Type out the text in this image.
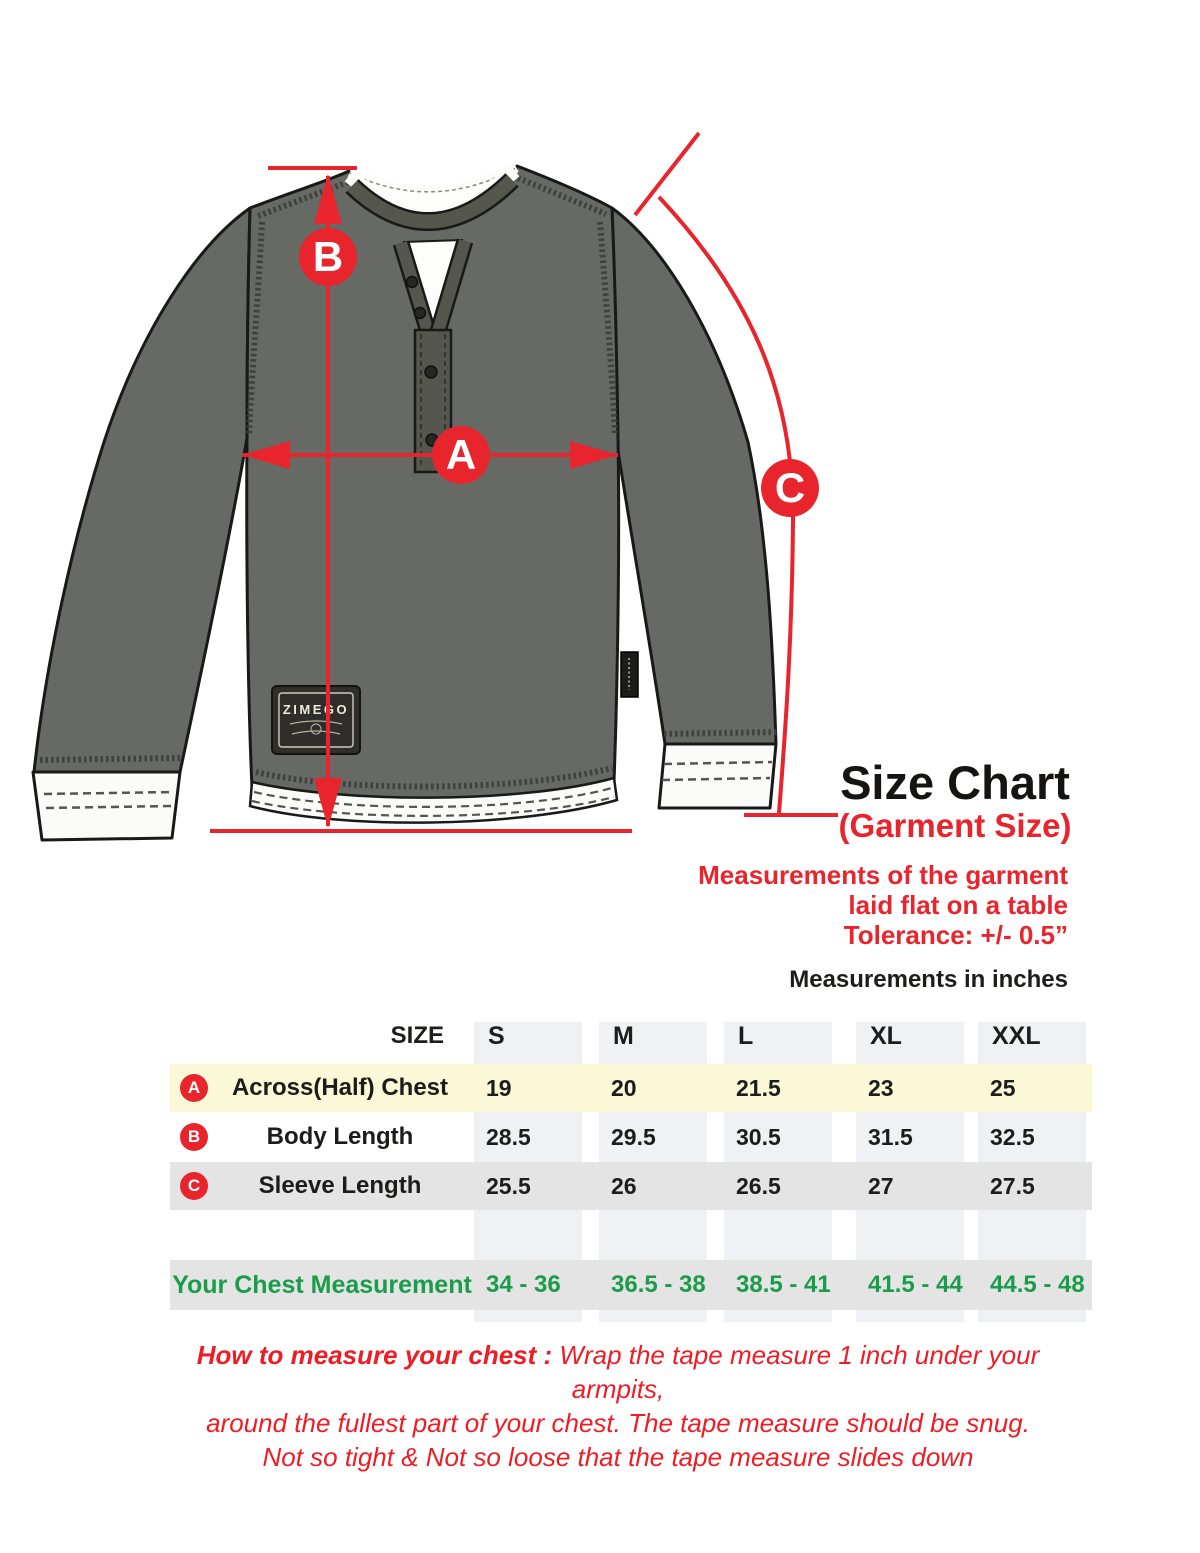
ZIMEGO
A
B
C
Size Chart
(Garment Size)
Measurements of the garment
laid flat on a table
Tolerance: +/- 0.5”
Measurements in inches
SIZE S	M	L	XL	XXL
A	Across(Half) Chest	19	20	21.5	23	25
B	Body Length	28.5	29.5	30.5	31.5	32.5
C	Sleeve Length	25.5	26	26.5	27	27.5
Your Chest Measurement 34 - 36	36.5 - 38	38.5 - 41	41.5 - 44	44.5 - 48
How to measure your chest : Wrap the tape measure 1 inch under your armpits,
around the fullest part of your chest. The tape measure should be snug.
Not so tight & Not so loose that the tape measure slides down
